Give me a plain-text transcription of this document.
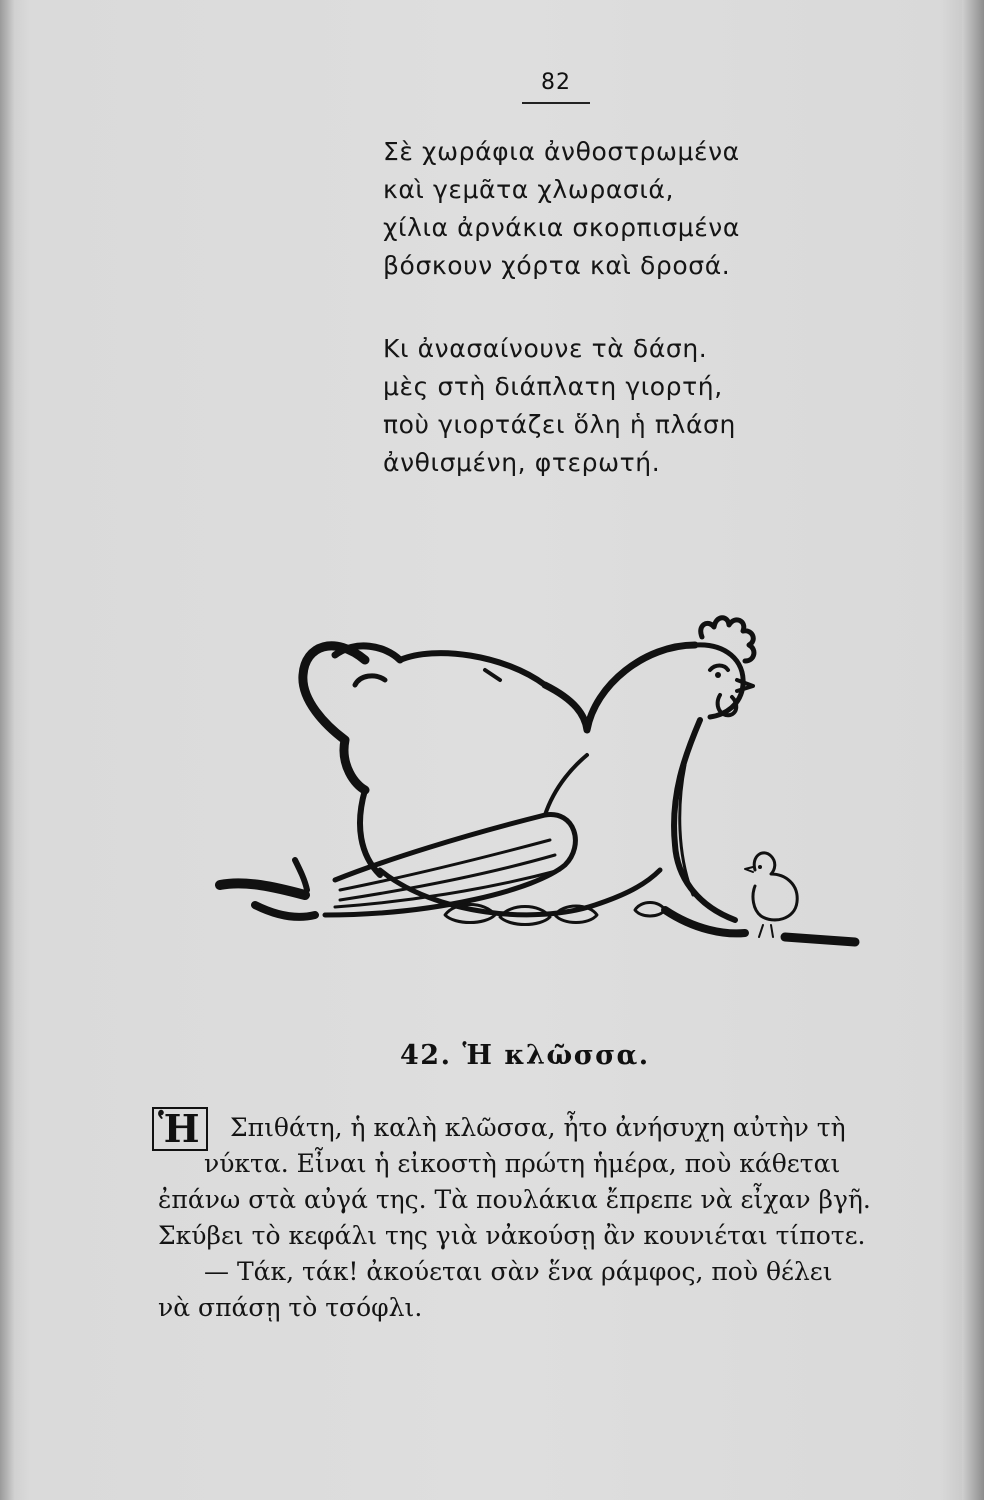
82
Σὲ χωράφια ἀνθοστρωμένα
καὶ γεμᾶτα χλωρασιά,
χίλια ἀρνάκια σκορπισμένα
βόσκουν χόρτα καὶ δροσά.
Κι ἀνασαίνουνε τὰ δάση.
μὲς στὴ διάπλατη γιορτή,
ποὺ γιορτάζει ὅλη ἡ πλάση
ἀνθισμένη, φτερωτή.
42. Ἡ κλῶσσα.
Ἡ	Σπιθάτη, ἡ καλὴ κλῶσσα, ἦτο ἀνήσυχη αὐτὴν τὴ
νύκτα. Εἶναι ἡ εἰκοστὴ πρώτη ἡμέρα, ποὺ κάθεται
ἐπάνω στὰ αὐγά της. Τὰ πουλάκια ἔπρεπε νὰ εἶχαν βγῆ.
Σκύβει τὸ κεφάλι της γιὰ νἀκούσῃ ἂν κουνιέται τίποτε.
— Τάκ, τάκ! ἀκούεται σὰν ἕνα ράμφος, ποὺ θέλει
νὰ σπάσῃ τὸ τσόφλι.
